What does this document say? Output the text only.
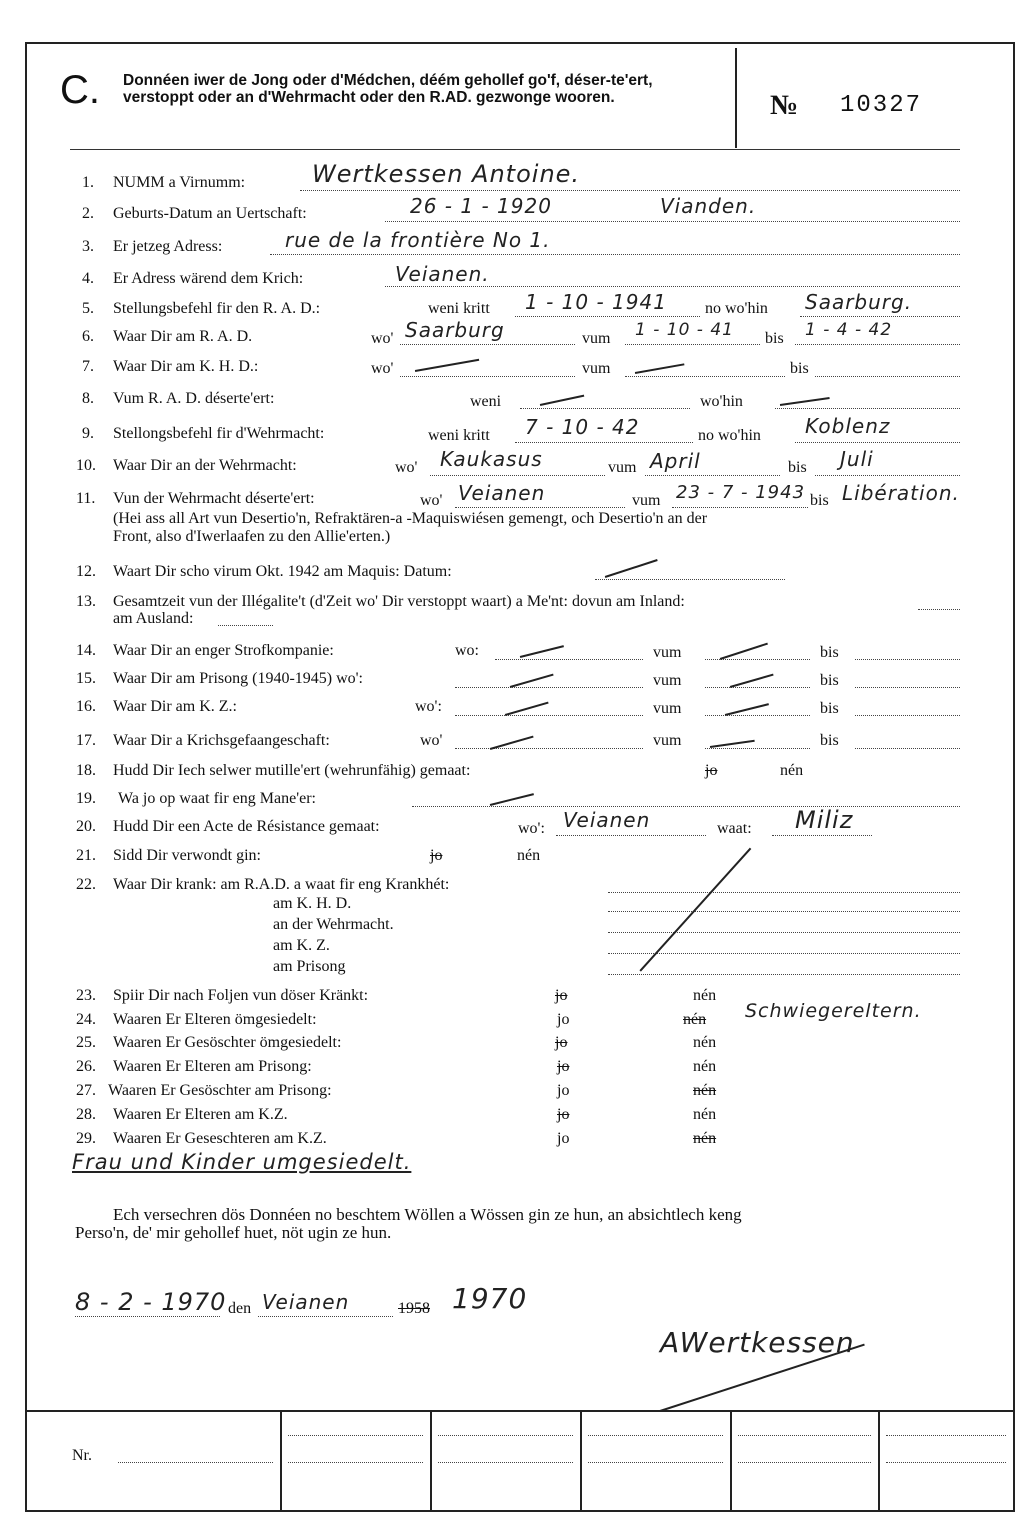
C. Donnéen iwer de Jong oder d'Médchen, déém gehollef go'f, déser-te'ert, verstoppt oder an d'Wehrmacht oder den R.AD. gezwonge wooren.	№ 10327
1. NUMM a Virnumm:	Wertkessen Antoine.
2. Geburts-Datum an Uertschaft:	26 - 1 - 1920	Vianden.
3. Er jetzeg Adress:	rue de la frontière No 1.
4. Er Adress wärend dem Krich:	Veianen.
5. Stellungsbefehl fir den R. A. D.:	weni kritt 1 - 10 - 1941 no wo'hin Saarburg.
6. Waar Dir am R. A. D.	wo' Saarburg	vum 1 - 10 - 41 bis 1 - 4 - 42
7. Waar Dir am K. H. D.:	wo'	vum	bis
8. Vum R. A. D. déserte'ert:	weni	wo'hin
9. Stellongsbefehl fir d'Wehrmacht:	weni kritt 7 - 10 - 42	no wo'hin Koblenz
10. Waar Dir an der Wehrmacht:	wo' Kaukasus	vum April	bis Juli
11. Vun der Wehrmacht déserte'ert:	wo' Veianen	vum 23 - 7 - 1943 bis Libération.
(Hei ass all Art vun Desertio'n, Refraktären-a -Maquiswiésen gemengt, och Desertio'n an der
Front, also d'Iwerlaafen zu den Allie'erten.)
12. Waart Dir scho virum Okt. 1942 am Maquis: Datum:
13. Gesamtzeit vun der Illégalite't (d'Zeit wo' Dir verstoppt waart) a Me'nt: dovun am Inland:
am Ausland:
14. Waar Dir an enger Strofkompanie:	wo:	vum	bis
15. Waar Dir am Prisong (1940-1945) wo':	vum	bis
16. Waar Dir am K. Z.:	wo':	vum	bis
17. Waar Dir a Krichsgefaangeschaft:	wo'	vum	bis
18. Hudd Dir Iech selwer mutille'ert (wehrunfähig) gemaat:	jo	nén
19. Wa jo op waat fir eng Mane'er:
20. Hudd Dir een Acte de Résistance gemaat:	wo': Veianen	waat: Miliz
21. Sidd Dir verwondt gin:	jo	nén
22. Waar Dir krank: am R.A.D. a waat fir eng Krankhét:
am K. H. D.
an der Wehrmacht.
am K. Z.
am Prisong
23. Spiir Dir nach Foljen vun döser Kränkt:	jo	nén
24. Waaren Er Elteren ömgesiedelt:	jo	nén Schwiegereltern.
25. Waaren Er Gesöschter ömgesiedelt:	jo	nén
26. Waaren Er Elteren am Prisong:	jo	nén
27. Waaren Er Gesöschter am Prisong:	jo	nén
28. Waaren Er Elteren am K.Z.	jo	nén
29. Waaren Er Geseschteren am K.Z.	jo	nén
Frau und Kinder umgesiedelt.
Ech versechren dös Donnéen no beschtem Wöllen a Wössen gin ze hun, an absichtlech keng
Perso'n, de' mir gehollef huet, nöt ugin ze hun.
8 - 2 - 1970 den Veianen	1958 1970
AWertkessen
Nr.
